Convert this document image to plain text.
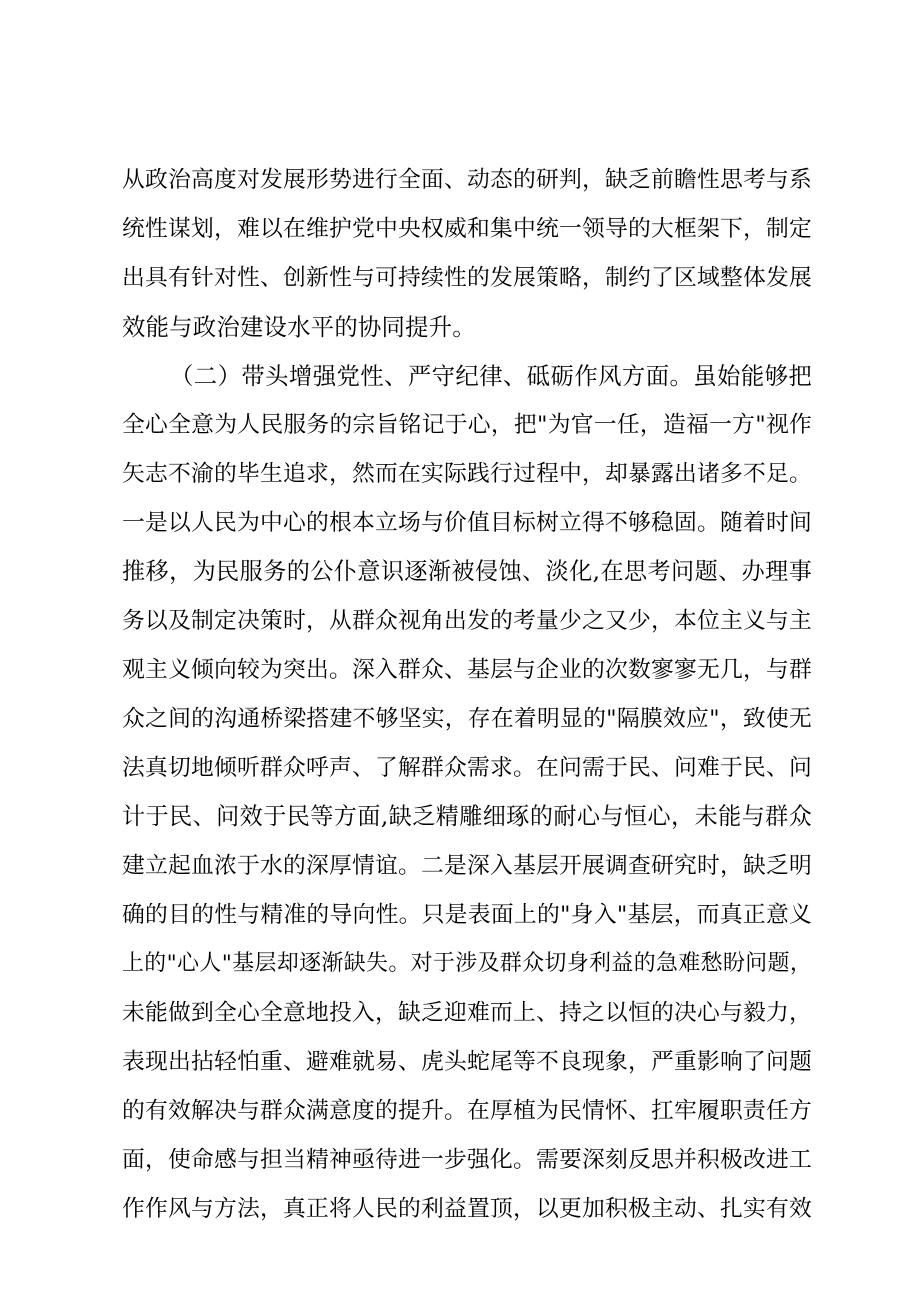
从政治高度对发展形势进行全面、动态的研判，缺乏前瞻性思考与系
统性谋划，难以在维护党中央权威和集中统一领导的大框架下，制定
出具有针对性、创新性与可持续性的发展策略，制约了区域整体发展
效能与政治建设水平的协同提升。
（二）带头增强党性、严守纪律、砥砺作风方面。虽始能够把
全心全意为人民服务的宗旨铭记于心，把"为官一任，造福一方"视作
矢志不渝的毕生追求，然而在实际践行过程中，却暴露出诸多不足。
一是以人民为中心的根本立场与价值目标树立得不够稳固。随着时间
推移，为民服务的公仆意识逐渐被侵蚀、淡化,在思考问题、办理事
务以及制定决策时，从群众视角出发的考量少之又少，本位主义与主
观主义倾向较为突出。深入群众、基层与企业的次数寥寥无几，与群
众之间的沟通桥梁搭建不够坚实，存在着明显的"隔膜效应"，致使无
法真切地倾听群众呼声、了解群众需求。在问需于民、问难于民、问
计于民、问效于民等方面,缺乏精雕细琢的耐心与恒心，未能与群众
建立起血浓于水的深厚情谊。二是深入基层开展调查研究时，缺乏明
确的目的性与精准的导向性。只是表面上的"身入"基层，而真正意义
上的"心人"基层却逐渐缺失。对于涉及群众切身利益的急难愁盼问题，
未能做到全心全意地投入，缺乏迎难而上、持之以恒的决心与毅力，
表现出拈轻怕重、避难就易、虎头蛇尾等不良现象，严重影响了问题
的有效解决与群众满意度的提升。在厚植为民情怀、扛牢履职责任方
面，使命感与担当精神亟待进一步强化。需要深刻反思并积极改进工
作作风与方法，真正将人民的利益置顶，以更加积极主动、扎实有效
